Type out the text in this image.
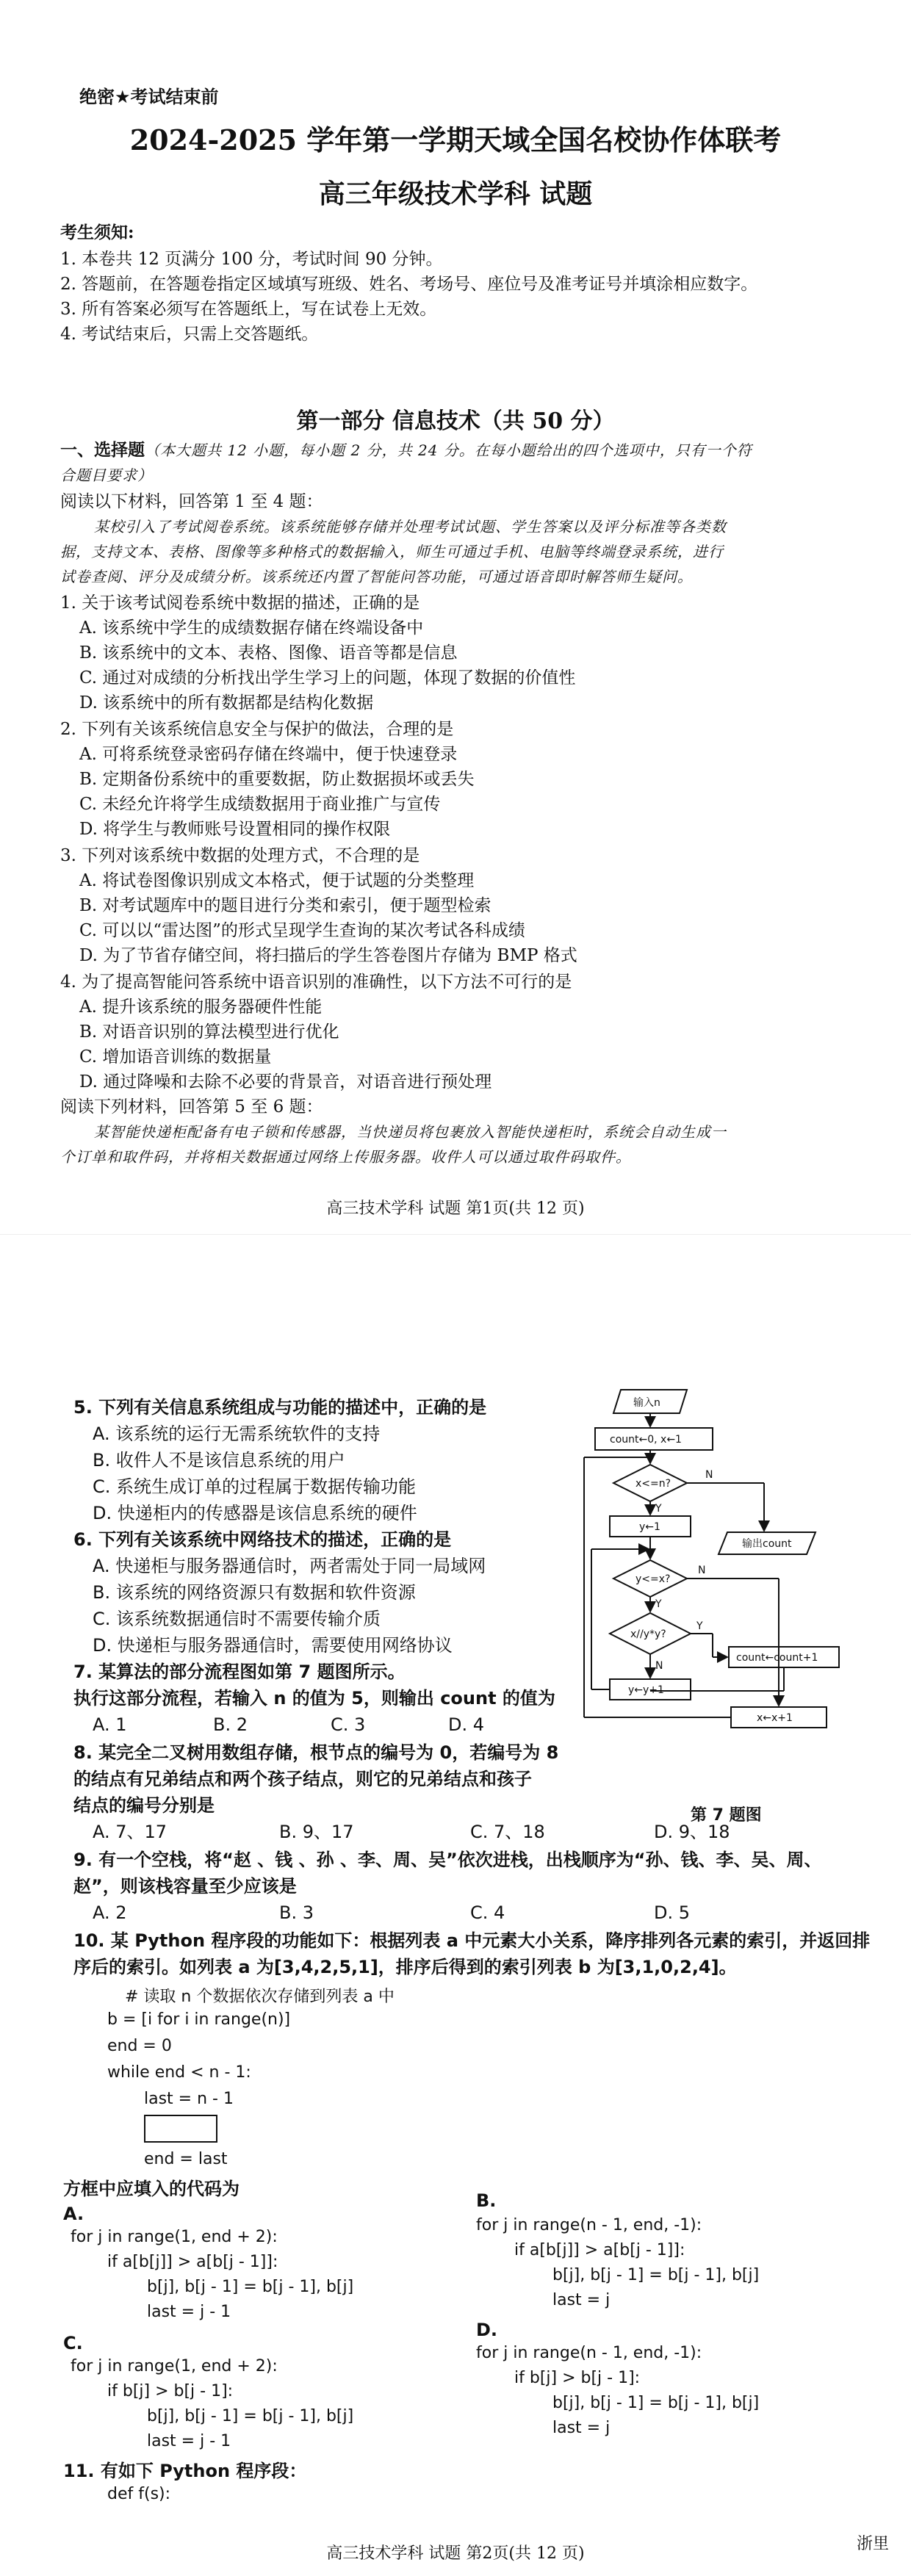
绝密★考试结束前
2024-2025 学年第一学期天域全国名校协作体联考
高三年级技术学科 试题
考生须知:
1. 本卷共 12 页满分 100 分，考试时间 90 分钟。
2. 答题前，在答题卷指定区域填写班级、姓名、考场号、座位号及准考证号并填涂相应数字。
3. 所有答案必须写在答题纸上，写在试卷上无效。
4. 考试结束后，只需上交答题纸。
第一部分 信息技术（共 50 分）
一、选择题（本大题共 12 小题，每小题 2 分，共 24 分。在每小题给出的四个选项中，只有一个符
合题目要求）
阅读以下材料，回答第 1 至 4 题：
某校引入了考试阅卷系统。该系统能够存储并处理考试试题、学生答案以及评分标准等各类数
据，支持文本、表格、图像等多种格式的数据输入，师生可通过手机、电脑等终端登录系统，进行
试卷查阅、评分及成绩分析。该系统还内置了智能问答功能，可通过语音即时解答师生疑问。
1. 关于该考试阅卷系统中数据的描述，正确的是
A. 该系统中学生的成绩数据存储在终端设备中
B. 该系统中的文本、表格、图像、语音等都是信息
C. 通过对成绩的分析找出学生学习上的问题，体现了数据的价值性
D. 该系统中的所有数据都是结构化数据
2. 下列有关该系统信息安全与保护的做法，合理的是
A. 可将系统登录密码存储在终端中，便于快速登录
B. 定期备份系统中的重要数据，防止数据损坏或丢失
C. 未经允许将学生成绩数据用于商业推广与宣传
D. 将学生与教师账号设置相同的操作权限
3. 下列对该系统中数据的处理方式，不合理的是
A. 将试卷图像识别成文本格式，便于试题的分类整理
B. 对考试题库中的题目进行分类和索引，便于题型检索
C. 可以以“雷达图”的形式呈现学生查询的某次考试各科成绩
D. 为了节省存储空间，将扫描后的学生答卷图片存储为 BMP 格式
4. 为了提高智能问答系统中语音识别的准确性，以下方法不可行的是
A. 提升该系统的服务器硬件性能
B. 对语音识别的算法模型进行优化
C. 增加语音训练的数据量
D. 通过降噪和去除不必要的背景音，对语音进行预处理
阅读下列材料，回答第 5 至 6 题：
某智能快递柜配备有电子锁和传感器，当快递员将包裹放入智能快递柜时，系统会自动生成一
个订单和取件码，并将相关数据通过网络上传服务器。收件人可以通过取件码取件。
高三技术学科 试题 第1页(共 12 页)
5. 下列有关信息系统组成与功能的描述中，正确的是
A. 该系统的运行无需系统软件的支持
B. 收件人不是该信息系统的用户
C. 系统生成订单的过程属于数据传输功能
D. 快递柜内的传感器是该信息系统的硬件
6. 下列有关该系统中网络技术的描述，正确的是
A. 快递柜与服务器通信时，两者需处于同一局域网
B. 该系统的网络资源只有数据和软件资源
C. 该系统数据通信时不需要传输介质
D. 快递柜与服务器通信时，需要使用网络协议
7. 某算法的部分流程图如第 7 题图所示。
执行这部分流程，若输入 n 的值为 5，则输出 count 的值为
A. 1	B. 2	C. 3	D. 4
8. 某完全二叉树用数组存储，根节点的编号为 0，若编号为 8
的结点有兄弟结点和两个孩子结点，则它的兄弟结点和孩子
结点的编号分别是
A. 7、17	B. 9、17	C. 7、18	D. 9、18
9. 有一个空栈，将“赵 、钱 、孙 、李、周、吴”依次进栈，出栈顺序为“孙、钱、李、吴、周、
赵”，则该栈容量至少应该是
A. 2	B. 3	C. 4	D. 5
10. 某 Python 程序段的功能如下：根据列表 a 中元素大小关系，降序排列各元素的索引，并返回排
序后的索引。如列表 a 为[3,4,2,5,1]，排序后得到的索引列表 b 为[3,1,0,2,4]。
# 读取 n 个数据依次存储到列表 a 中
b = [i for i in range(n)]
end = 0
while end < n - 1:
last = n - 1
end = last
方框中应填入的代码为
A.
for j in range(1, end + 2):
if a[b[j]] > a[b[j - 1]]:
b[j], b[j - 1] = b[j - 1], b[j]
last = j - 1
B.
for j in range(n - 1, end, -1):
if a[b[j]] > a[b[j - 1]]:
b[j], b[j - 1] = b[j - 1], b[j]
last = j
C.
for j in range(1, end + 2):
if b[j] > b[j - 1]:
b[j], b[j - 1] = b[j - 1], b[j]
last = j - 1
D.
for j in range(n - 1, end, -1):
if b[j] > b[j - 1]:
b[j], b[j - 1] = b[j - 1], b[j]
last = j
11. 有如下 Python 程序段：
def f(s):
高三技术学科 试题 第2页(共 12 页)
输入n
count←0, x←1
x<=n?
N
Y
输出count
y←1
y<=x?
N
Y
x//y*y?
Y
N
y←y+1
count←count+1
x←x+1
第 7 题图
浙里
